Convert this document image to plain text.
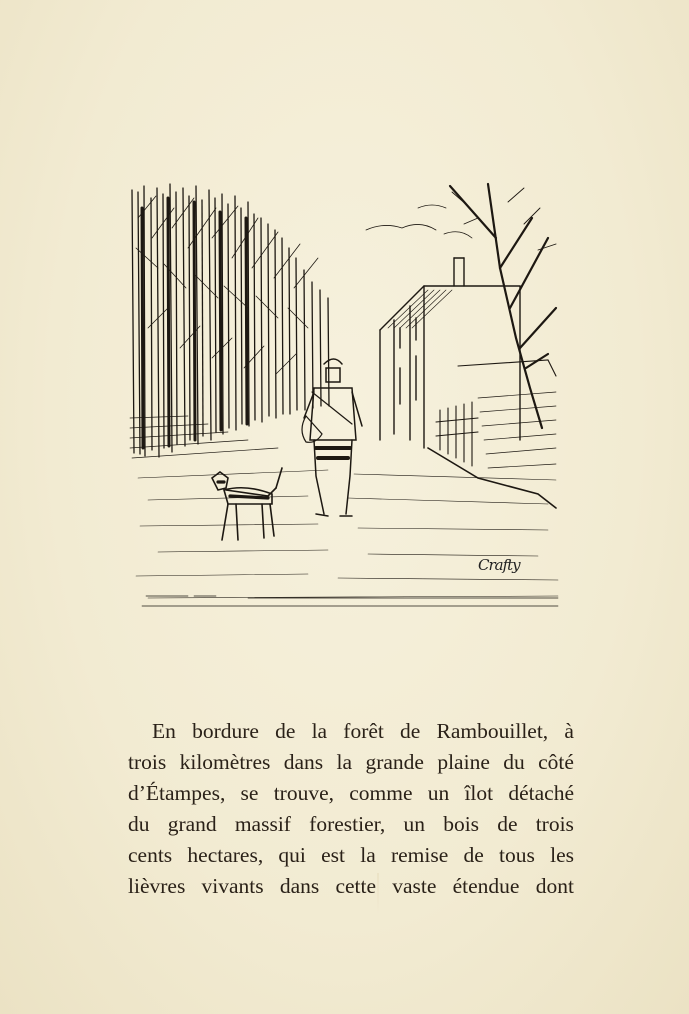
Crafty
En bordure de la forêt de Rambouillet, à
trois kilomètres dans la grande plaine du côté
d’Étampes, se trouve, comme un îlot détaché
du grand massif forestier, un bois de trois
cents hectares, qui est la remise de tous les
lièvres vivants dans cette vaste étendue dont
